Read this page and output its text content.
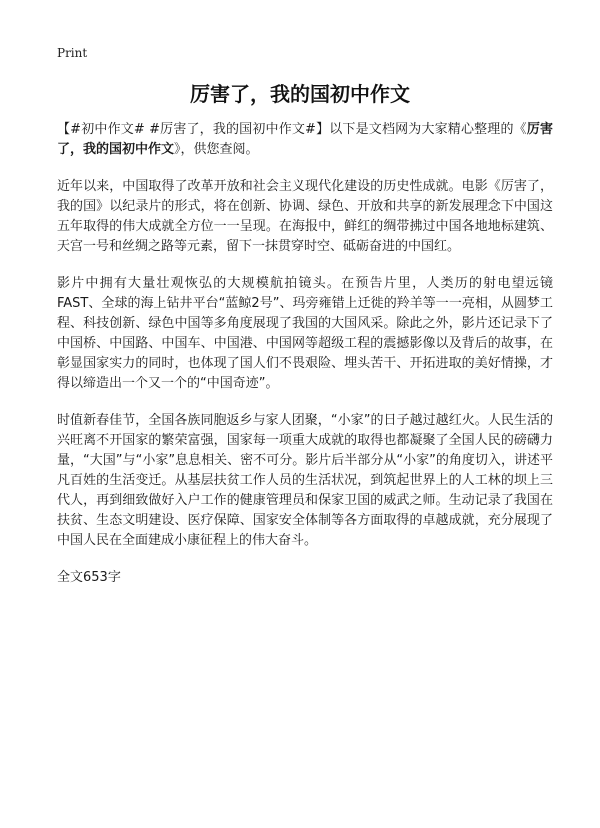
Print
厉害了，我的国初中作文

【#初中作文# #厉害了，我的国初中作文#】以下是文档网为大家精心整理的《厉害了，我的国初中作文》，供您查阅。

近年以来，中国取得了改革开放和社会主义现代化建设的历史性成就。电影《厉害了，我的国》以纪录片的形式，将在创新、协调、绿色、开放和共享的新发展理念下中国这五年取得的伟大成就全方位一一呈现。在海报中，鲜红的绸带拂过中国各地地标建筑、天宫一号和丝绸之路等元素，留下一抹贯穿时空、砥砺奋进的中国红。

影片中拥有大量壮观恢弘的大规模航拍镜头。在预告片里，人类历的射电望远镜FAST、全球的海上钻井平台“蓝鲸2号”、玛旁雍错上迁徙的羚羊等一一亮相，从圆梦工程、科技创新、绿色中国等多角度展现了我国的大国风采。除此之外，影片还记录下了中国桥、中国路、中国车、中国港、中国网等超级工程的震撼影像以及背后的故事，在彰显国家实力的同时，也体现了国人们不畏艰险、埋头苦干、开拓进取的美好情操，才得以缔造出一个又一个的“中国奇迹”。

时值新春佳节，全国各族同胞返乡与家人团聚，“小家”的日子越过越红火。人民生活的兴旺离不开国家的繁荣富强，国家每一项重大成就的取得也都凝聚了全国人民的磅礴力量，“大国”与“小家”息息相关、密不可分。影片后半部分从“小家”的角度切入，讲述平凡百姓的生活变迁。从基层扶贫工作人员的生活状况，到筑起世界上的人工林的坝上三代人，再到细致做好入户工作的健康管理员和保家卫国的威武之师。生动记录了我国在扶贫、生态文明建设、医疗保障、国家安全体制等各方面取得的卓越成就，充分展现了中国人民在全面建成小康征程上的伟大奋斗。

全文653字
